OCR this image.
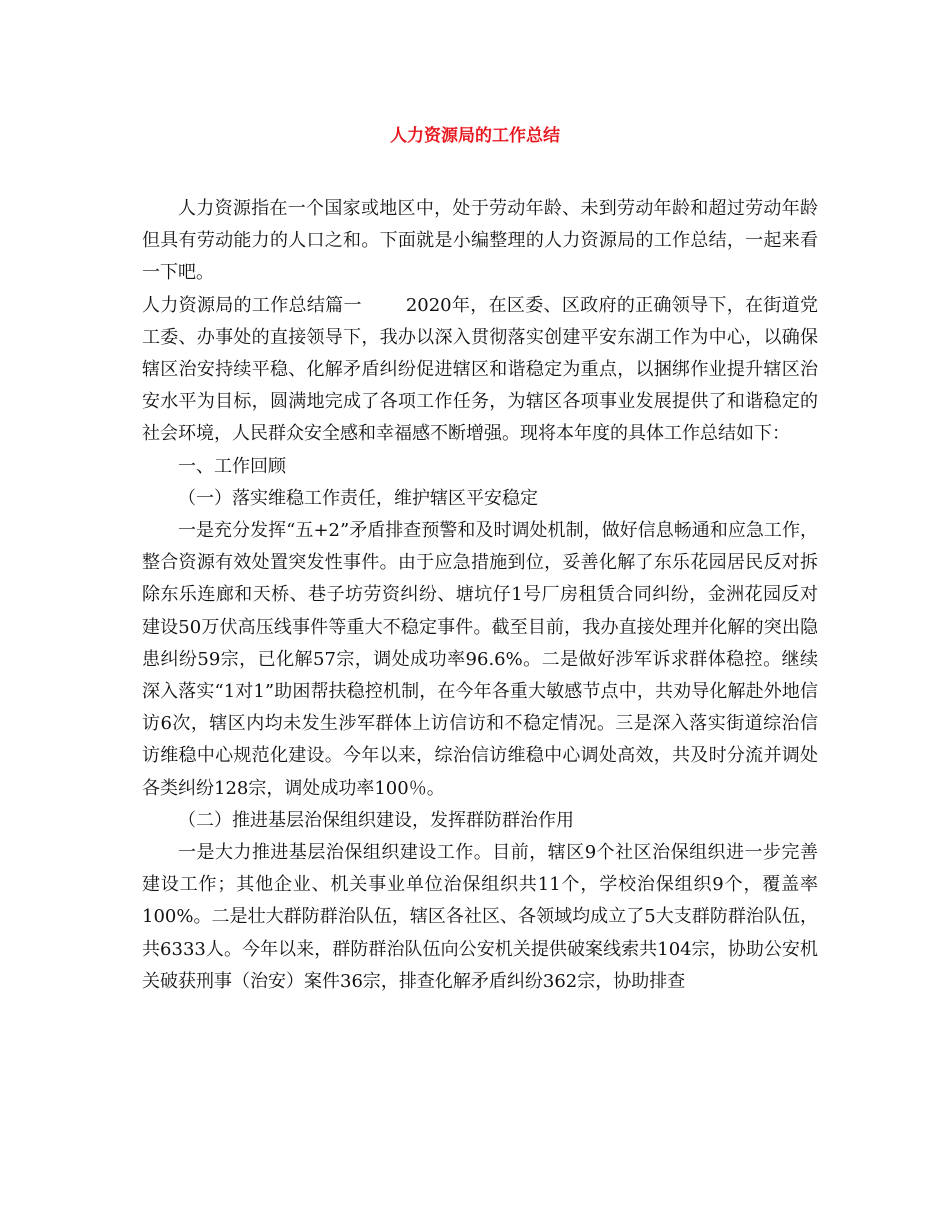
人力资源局的工作总结

人力资源指在一个国家或地区中，处于劳动年龄、未到劳动年龄和超过劳动年龄但具有劳动能力的人口之和。下面就是小编整理的人力资源局的工作总结，一起来看一下吧。

人力资源局的工作总结篇一 2020年，在区委、区政府的正确领导下，在街道党工委、办事处的直接领导下，我办以深入贯彻落实创建平安东湖工作为中心，以确保辖区治安持续平稳、化解矛盾纠纷促进辖区和谐稳定为重点，以捆绑作业提升辖区治安水平为目标，圆满地完成了各项工作任务，为辖区各项事业发展提供了和谐稳定的社会环境，人民群众安全感和幸福感不断增强。现将本年度的具体工作总结如下：

一、工作回顾

（一）落实维稳工作责任，维护辖区平安稳定

一是充分发挥“五+2”矛盾排查预警和及时调处机制，做好信息畅通和应急工作，整合资源有效处置突发性事件。由于应急措施到位，妥善化解了东乐花园居民反对拆除东乐连廊和天桥、巷子坊劳资纠纷、塘坑仔1号厂房租赁合同纠纷，金洲花园反对建设50万伏高压线事件等重大不稳定事件。截至目前，我办直接处理并化解的突出隐患纠纷59宗，已化解57宗，调处成功率96.6%。二是做好涉军诉求群体稳控。继续深入落实“1对1”助困帮扶稳控机制，在今年各重大敏感节点中，共劝导化解赴外地信访6次，辖区内均未发生涉军群体上访信访和不稳定情况。三是深入落实街道综治信访维稳中心规范化建设。今年以来，综治信访维稳中心调处高效，共及时分流并调处各类纠纷128宗，调处成功率100％。

（二）推进基层治保组织建设，发挥群防群治作用

一是大力推进基层治保组织建设工作。目前，辖区9个社区治保组织进一步完善建设工作；其他企业、机关事业单位治保组织共11个，学校治保组织9个，覆盖率100%。二是壮大群防群治队伍，辖区各社区、各领域均成立了5大支群防群治队伍，共6333人。今年以来，群防群治队伍向公安机关提供破案线索共104宗，协助公安机关破获刑事（治安）案件36宗，排查化解矛盾纠纷362宗，协助排查
